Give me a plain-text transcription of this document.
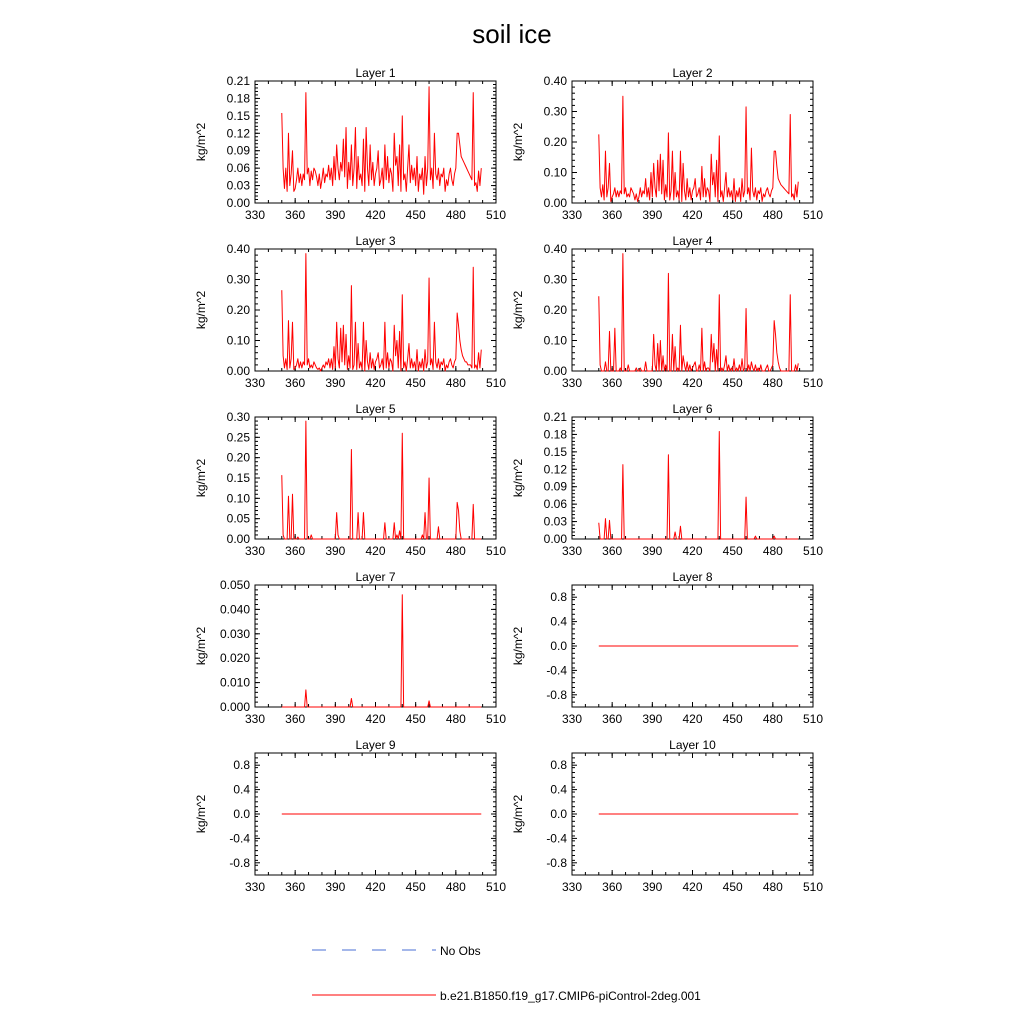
soil ice
Layer 1
kg/m^2
330 360 390 420 450 480 510
0.00
0.03
0.06
0.09
0.12
0.15
0.18
0.21
Layer 2
kg/m^2
330 360 390 420 450 480 510
0.00
0.10
0.20
0.30
0.40
Layer 3
kg/m^2
330 360 390 420 450 480 510
0.00
0.10
0.20
0.30
0.40
Layer 4
kg/m^2
330 360 390 420 450 480 510
0.00
0.10
0.20
0.30
0.40
Layer 5
kg/m^2
330 360 390 420 450 480 510
0.00
0.05
0.10
0.15
0.20
0.25
0.30
Layer 6
kg/m^2
330 360 390 420 450 480 510
0.00
0.03
0.06
0.09
0.12
0.15
0.18
0.21
Layer 7
kg/m^2
330 360 390 420 450 480 510
0.000
0.010
0.020
0.030
0.040
0.050
Layer 8
kg/m^2
330 360 390 420 450 480 510
-0.8
-0.4
0.0
0.4
0.8
Layer 9
kg/m^2
330 360 390 420 450 480 510
-0.8
-0.4
0.0
0.4
0.8
Layer 10
kg/m^2
330 360 390 420 450 480 510
-0.8
-0.4
0.0
0.4
0.8
No Obs
b.e21.B1850.f19_g17.CMIP6-piControl-2deg.001
